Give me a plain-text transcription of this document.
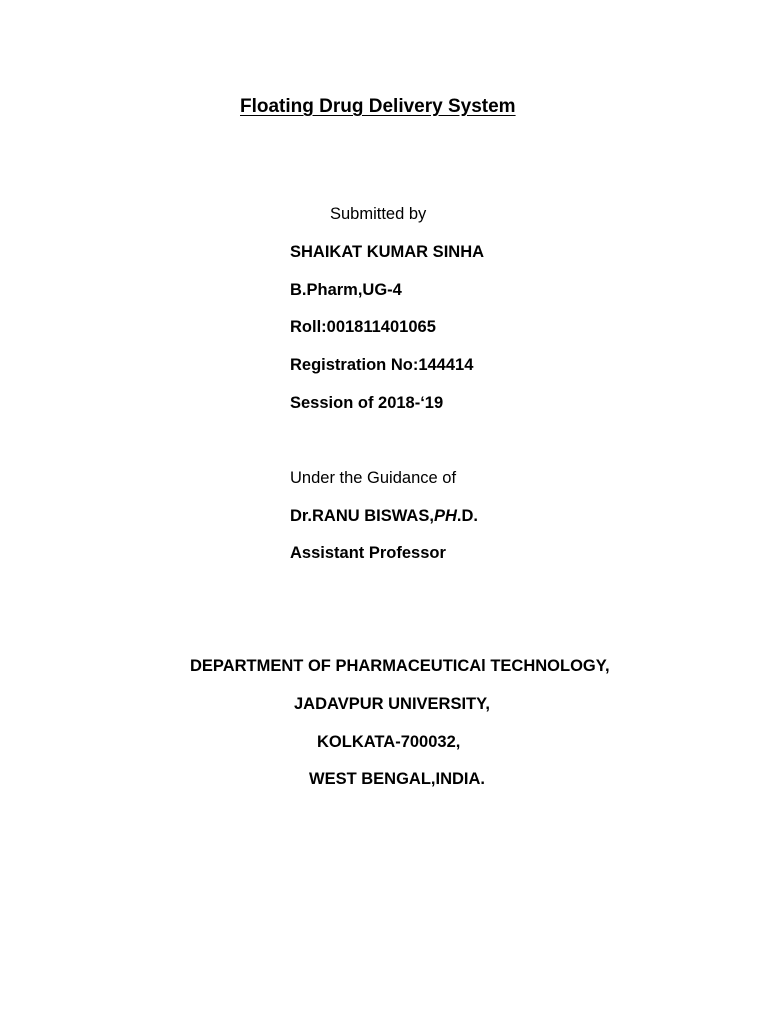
Floating Drug Delivery System
Submitted by
SHAIKAT KUMAR SINHA
B.Pharm,UG-4
Roll:001811401065
Registration No:144414
Session of 2018-‘19
Under the Guidance of
Dr.RANU BISWAS,PH.D.
Assistant Professor
DEPARTMENT OF PHARMACEUTICAl TECHNOLOGY,
JADAVPUR UNIVERSITY,
KOLKATA-700032,
WEST BENGAL,INDIA.
